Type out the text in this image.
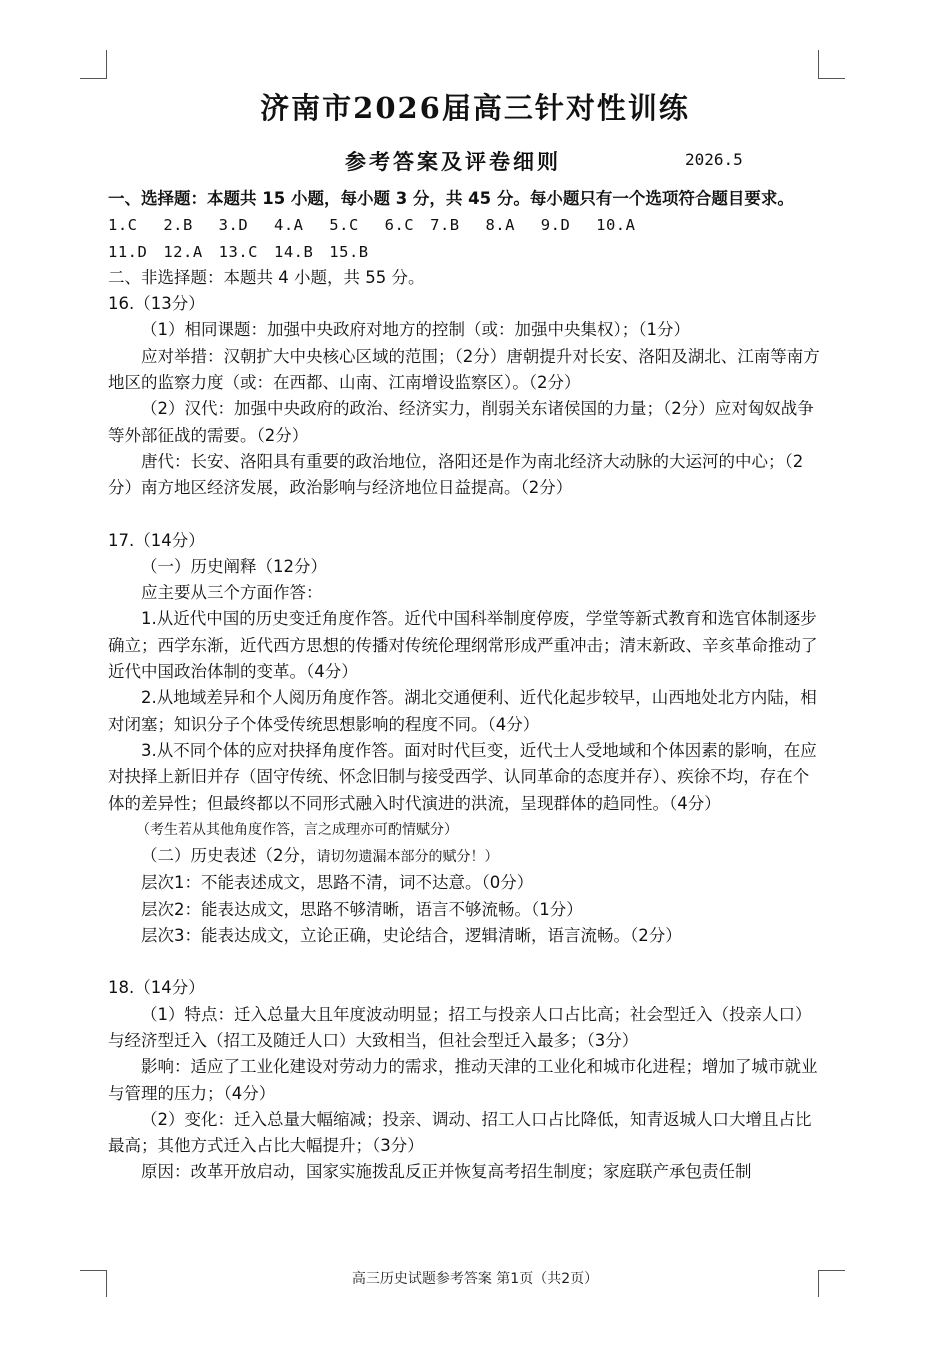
济南市2026届高三针对性训练
参考答案及评卷细则	2026.5

一、选择题：本题共 15 小题，每小题 3 分，共 45 分。每小题只有一个选项符合题目要求。

1.C　 2.B　 3.D　 4.A　 5.C　 6.C　7.B　 8.A　 9.D　 10.A

11.D　12.A　13.C　14.B　15.B

二、非选择题：本题共 4 小题，共 55 分。

16.（13分）

（1）相同课题：加强中央政府对地方的控制（或：加强中央集权）；（1分）

应对举措：汉朝扩大中央核心区域的范围；（2分）唐朝提升对长安、洛阳及湖北、江南等南方地区的监察力度（或：在西都、山南、江南增设监察区）。（2分）

（2）汉代：加强中央政府的政治、经济实力，削弱关东诸侯国的力量；（2分）应对匈奴战争等外部征战的需要。（2分）

唐代：长安、洛阳具有重要的政治地位，洛阳还是作为南北经济大动脉的大运河的中心；（2分）南方地区经济发展，政治影响与经济地位日益提高。（2分）

17.（14分）

（一）历史阐释（12分）

应主要从三个方面作答：

1.从近代中国的历史变迁角度作答。近代中国科举制度停废，学堂等新式教育和选官体制逐步确立；西学东渐，近代西方思想的传播对传统伦理纲常形成严重冲击；清末新政、辛亥革命推动了近代中国政治体制的变革。（4分）

2.从地域差异和个人阅历角度作答。湖北交通便利、近代化起步较早，山西地处北方内陆，相对闭塞；知识分子个体受传统思想影响的程度不同。（4分）

3.从不同个体的应对抉择角度作答。面对时代巨变，近代士人受地域和个体因素的影响，在应对抉择上新旧并存（固守传统、怀念旧制与接受西学、认同革命的态度并存）、疾徐不均，存在个体的差异性；但最终都以不同形式融入时代演进的洪流，呈现群体的趋同性。（4分）

（考生若从其他角度作答，言之成理亦可酌情赋分）

（二）历史表述（2分，请切勿遗漏本部分的赋分！）

层次1：不能表述成文，思路不清，词不达意。（0分）

层次2：能表达成文，思路不够清晰，语言不够流畅。（1分）

层次3：能表达成文，立论正确，史论结合，逻辑清晰，语言流畅。（2分）

18.（14分）

（1）特点：迁入总量大且年度波动明显；招工与投亲人口占比高；社会型迁入（投亲人口）与经济型迁入（招工及随迁人口）大致相当，但社会型迁入最多；（3分）

影响：适应了工业化建设对劳动力的需求，推动天津的工业化和城市化进程；增加了城市就业与管理的压力；（4分）

（2）变化：迁入总量大幅缩减；投亲、调动、招工人口占比降低，知青返城人口大增且占比最高；其他方式迁入占比大幅提升；（3分）

原因：改革开放启动，国家实施拨乱反正并恢复高考招生制度；家庭联产承包责任制

高三历史试题参考答案 第1页（共2页）
